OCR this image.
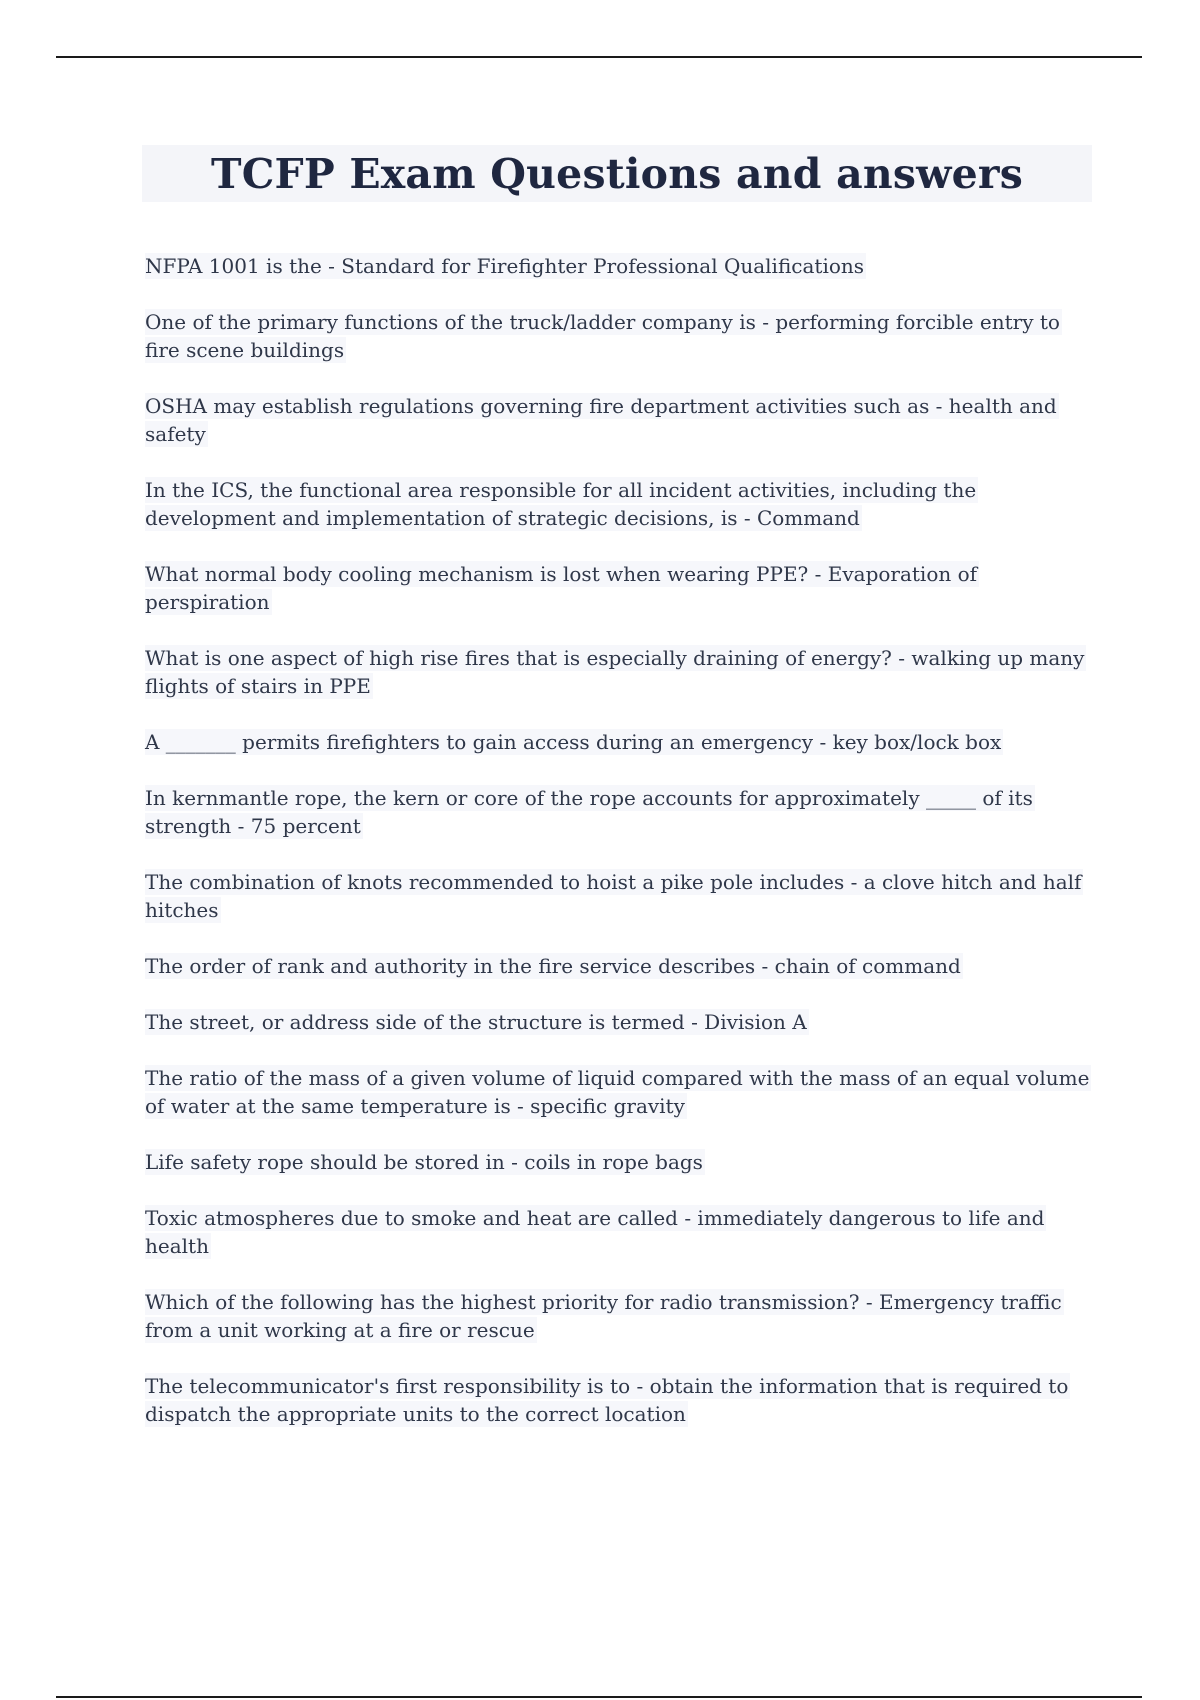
TCFP Exam Questions and answers
NFPA 1001 is the - Standard for Firefighter Professional Qualifications
One of the primary functions of the truck/ladder company is - performing forcible entry to fire scene buildings
OSHA may establish regulations governing fire department activities such as - health and safety
In the ICS, the functional area responsible for all incident activities, including the development and implementation of strategic decisions, is - Command
What normal body cooling mechanism is lost when wearing PPE? - Evaporation of perspiration
What is one aspect of high rise fires that is especially draining of energy? - walking up many flights of stairs in PPE
A _______ permits firefighters to gain access during an emergency - key box/lock box
In kernmantle rope, the kern or core of the rope accounts for approximately _____ of its strength - 75 percent
The combination of knots recommended to hoist a pike pole includes - a clove hitch and half hitches
The order of rank and authority in the fire service describes - chain of command
The street, or address side of the structure is termed - Division A
The ratio of the mass of a given volume of liquid compared with the mass of an equal volume of water at the same temperature is - specific gravity
Life safety rope should be stored in - coils in rope bags
Toxic atmospheres due to smoke and heat are called - immediately dangerous to life and health
Which of the following has the highest priority for radio transmission? - Emergency traffic from a unit working at a fire or rescue
The telecommunicator's first responsibility is to - obtain the information that is required to dispatch the appropriate units to the correct location
